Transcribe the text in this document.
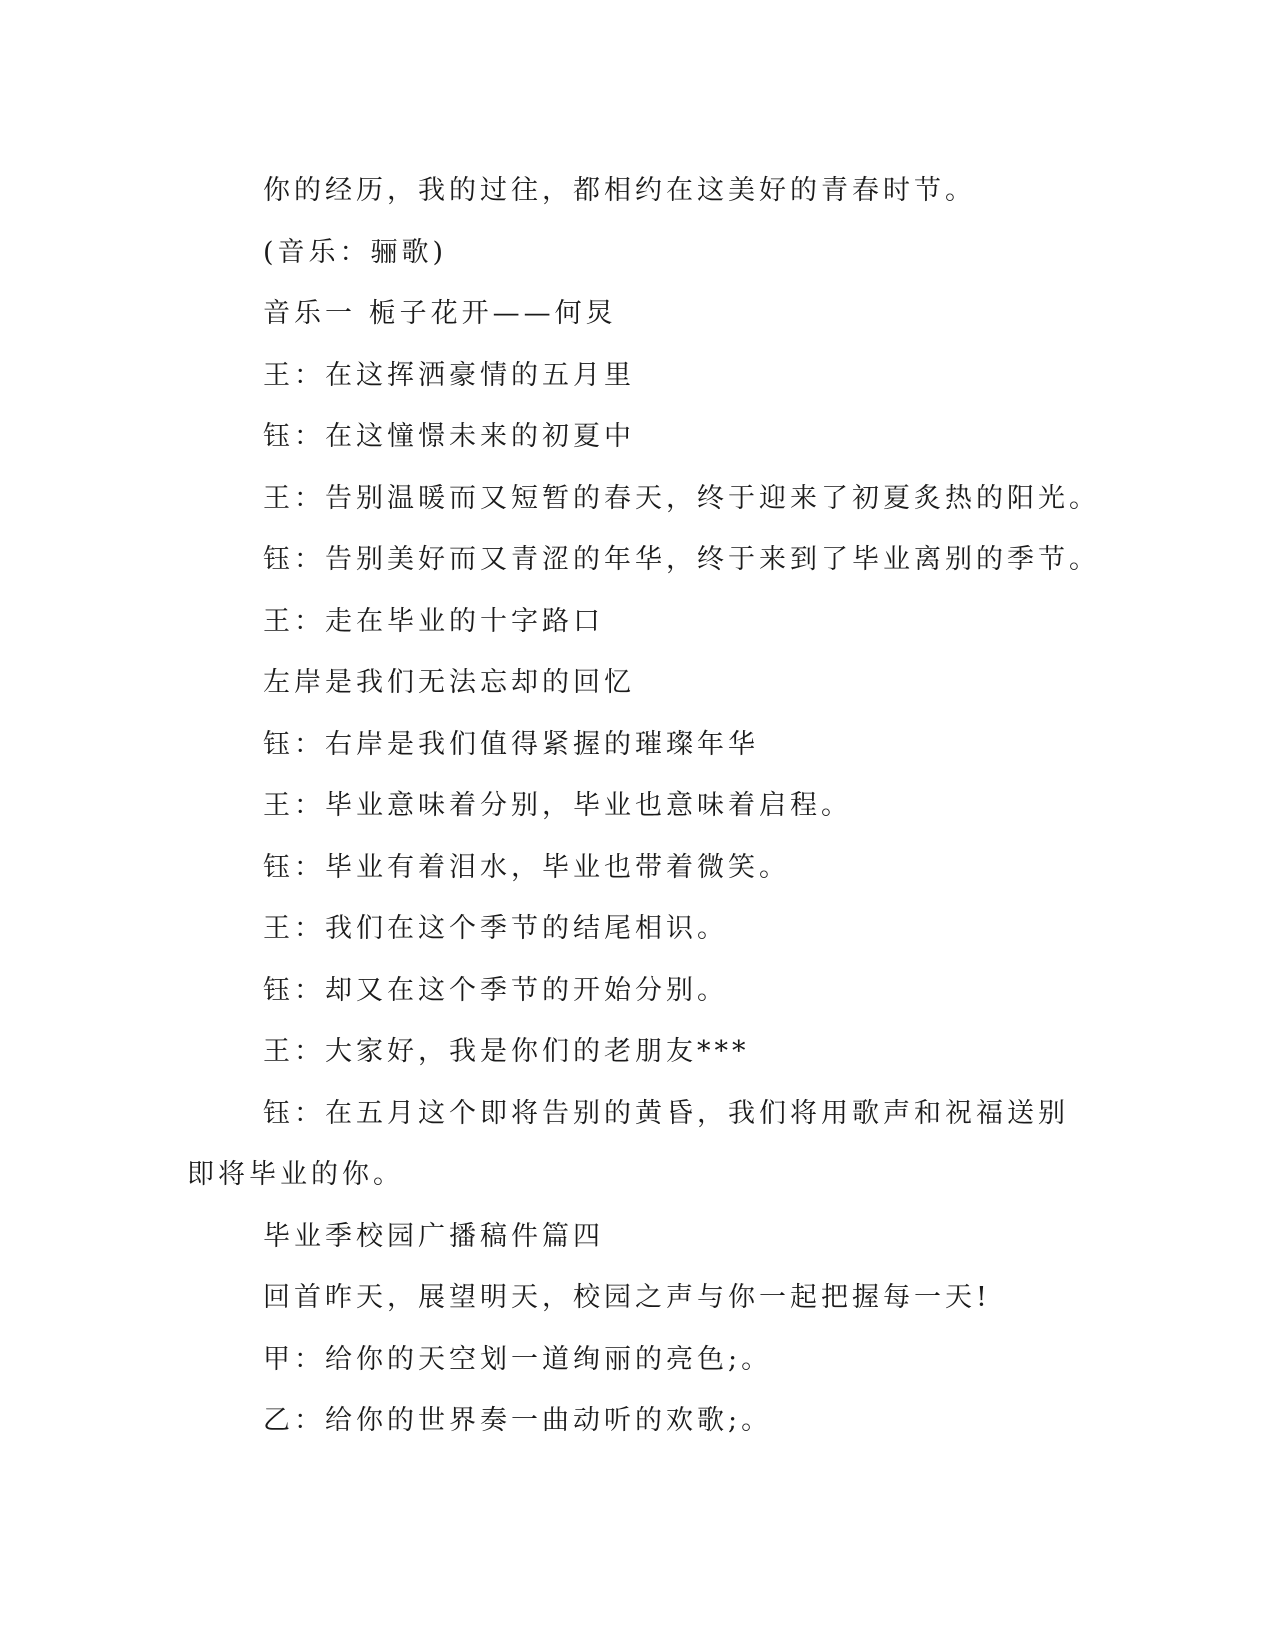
你的经历，我的过往，都相约在这美好的青春时节。
(音乐：骊歌)
音乐一 栀子花开——何炅
王：在这挥洒豪情的五月里
钰：在这憧憬未来的初夏中
王：告别温暖而又短暂的春天，终于迎来了初夏炙热的阳光。
钰：告别美好而又青涩的年华，终于来到了毕业离别的季节。
王：走在毕业的十字路口
左岸是我们无法忘却的回忆
钰：右岸是我们值得紧握的璀璨年华
王：毕业意味着分别，毕业也意味着启程。
钰：毕业有着泪水，毕业也带着微笑。
王：我们在这个季节的结尾相识。
钰：却又在这个季节的开始分别。
王：大家好，我是你们的老朋友***
钰：在五月这个即将告别的黄昏，我们将用歌声和祝福送别即将毕业的你。
毕业季校园广播稿件篇四
回首昨天，展望明天，校园之声与你一起把握每一天!
甲：给你的天空划一道绚丽的亮色;。
乙：给你的世界奏一曲动听的欢歌;。
